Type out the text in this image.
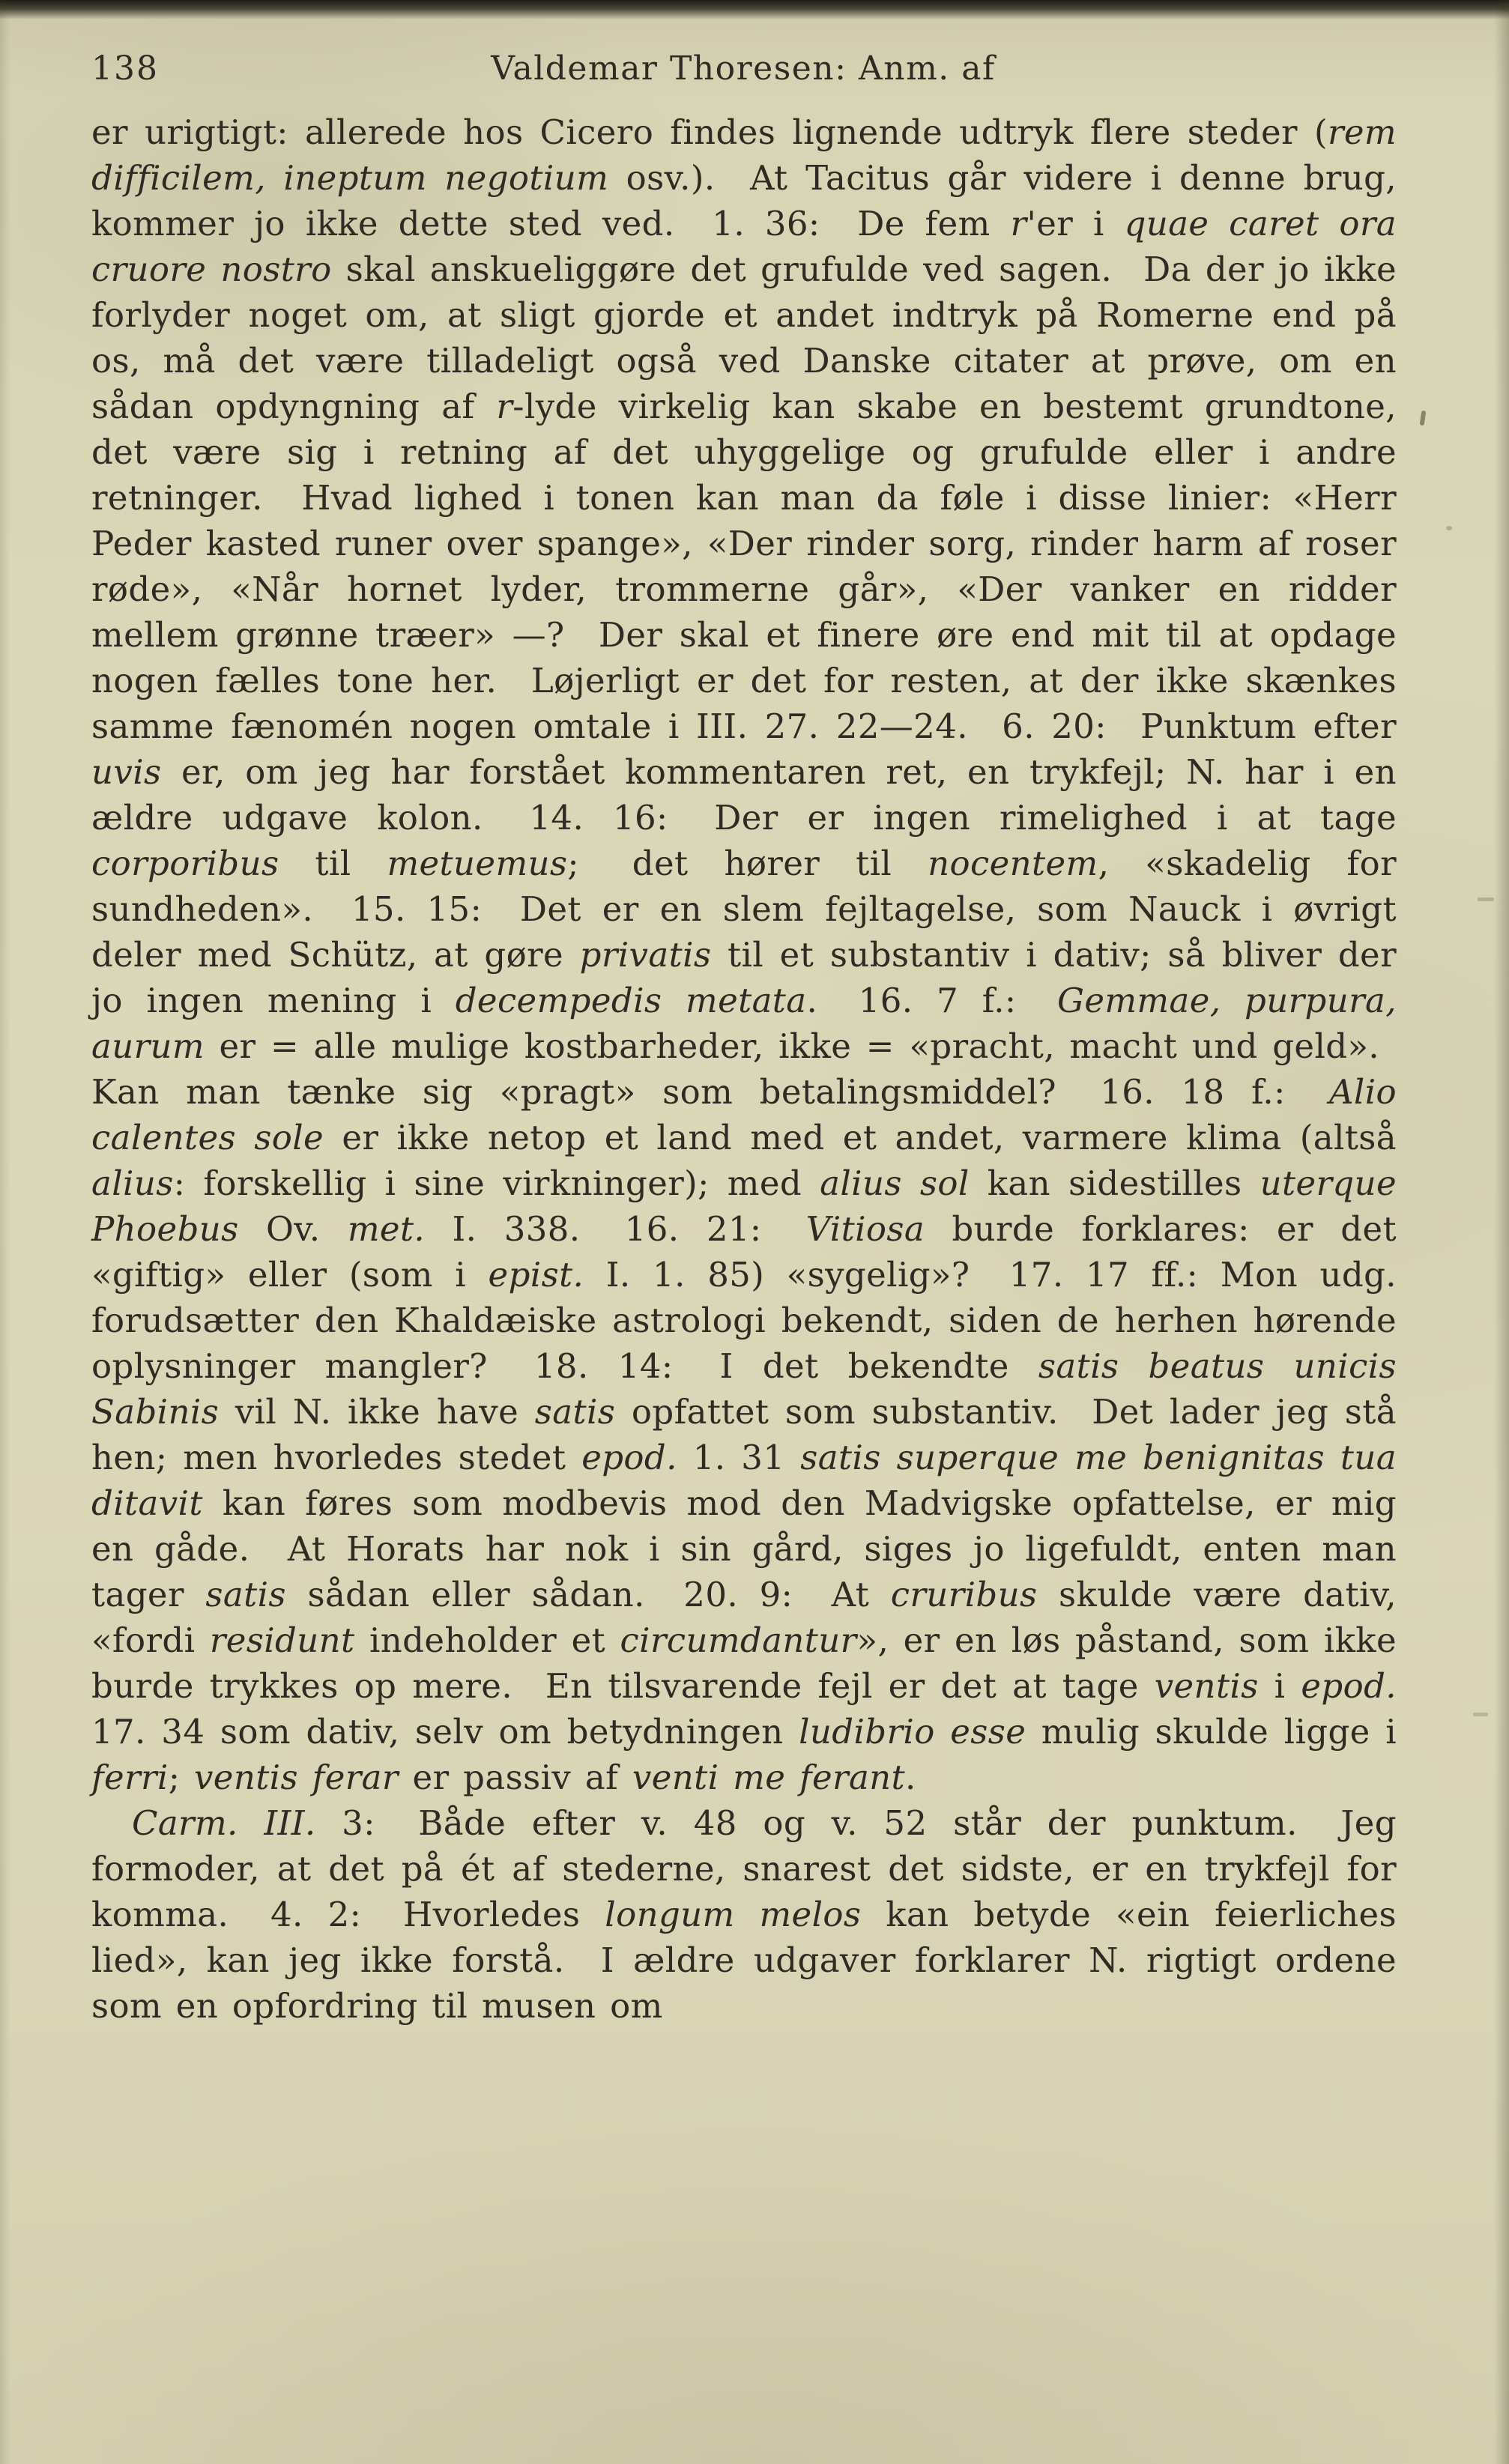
138	Valdemar Thoresen: Anm. af

er urigtigt: allerede hos Cicero findes lignende udtryk flere steder (rem difficilem, ineptum negotium osv.).  At Tacitus går videre i denne brug, kommer jo ikke dette sted ved.  1. 36:  De fem r'er i quae caret ora cruore nostro skal anskueliggøre det grufulde ved sagen.  Da der jo ikke forlyder noget om, at sligt gjorde et andet indtryk på Romerne end på os, må det være tilladeligt også ved Danske citater at prøve, om en sådan opdyngning af r-lyde virkelig kan skabe en bestemt grundtone, det være sig i retning af det uhyggelige og grufulde eller i andre retninger.  Hvad lighed i tonen kan man da føle i disse linier: «Herr Peder kasted runer over spange», «Der rinder sorg, rinder harm af roser røde», «Når hornet lyder, trommerne går», «Der vanker en ridder mellem grønne træer» —?  Der skal et finere øre end mit til at opdage nogen fælles tone her.  Løjerligt er det for resten, at der ikke skænkes samme fænomén nogen omtale i III. 27. 22—24.  6. 20:  Punktum efter uvis er, om jeg har forstået kommentaren ret, en trykfejl; N. har i en ældre udgave kolon.  14. 16:  Der er ingen rimelighed i at tage corporibus til metuemus;  det hører til nocentem, «skadelig for sundheden».  15. 15:  Det er en slem fejltagelse, som Nauck i øvrigt deler med Schütz, at gøre privatis til et substantiv i dativ; så bliver der jo ingen mening i decempedis metata.  16. 7 f.:  Gemmae, purpura, aurum er = alle mulige kostbarheder, ikke = «pracht, macht und geld».  Kan man tænke sig «pragt» som betalingsmiddel?  16. 18 f.:  Alio calentes sole er ikke netop et land med et andet, varmere klima (altså alius: forskellig i sine virkninger); med alius sol kan sidestilles uterque Phoebus Ov. met. I. 338.  16. 21:  Vitiosa burde forklares: er det «giftig» eller (som i epist. I. 1. 85) «sygelig»?  17. 17 ff.: Mon udg. forudsætter den Khaldæiske astrologi bekendt, siden de herhen hørende oplysninger mangler?  18. 14:  I det bekendte satis beatus unicis Sabinis vil N. ikke have satis opfattet som substantiv.  Det lader jeg stå hen; men hvorledes stedet epod. 1. 31 satis superque me benignitas tua ditavit kan føres som modbevis mod den Madvigske opfattelse, er mig en gåde.  At Horats har nok i sin gård, siges jo ligefuldt, enten man tager satis sådan eller sådan.  20. 9:  At cruribus skulde være dativ, «fordi residunt indeholder et circumdantur», er en løs påstand, som ikke burde trykkes op mere.  En tilsvarende fejl er det at tage ventis i epod. 17. 34 som dativ, selv om betydningen ludibrio esse mulig skulde ligge i ferri; ventis ferar er passiv af venti me ferant.

Carm. III. 3:  Både efter v. 48 og v. 52 står der punktum.  Jeg formoder, at det på ét af stederne, snarest det sidste, er en trykfejl for komma.  4. 2:  Hvorledes longum melos kan betyde «ein feierliches lied», kan jeg ikke forstå.  I ældre udgaver forklarer N. rigtigt ordene som en opfordring til musen om
